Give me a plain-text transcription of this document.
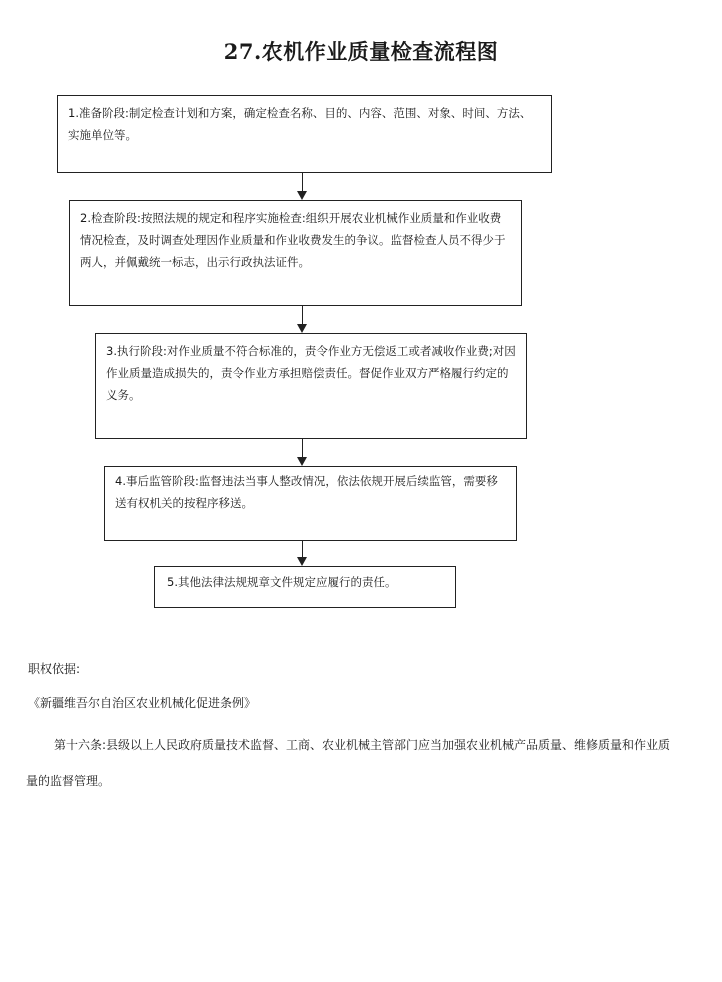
27.农机作业质量检查流程图
1.准备阶段:制定检查计划和方案，确定检查名称、目的、内容、范围、对象、时间、方法、实施单位等。
2.检查阶段:按照法规的规定和程序实施检查:组织开展农业机械作业质量和作业收费情况检查，及时调查处理因作业质量和作业收费发生的争议。监督检查人员不得少于两人，并佩戴统一标志，出示行政执法证件。
3.执行阶段:对作业质量不符合标准的，责令作业方无偿返工或者减收作业费;对因作业质量造成损失的，责令作业方承担赔偿责任。督促作业双方严格履行约定的义务。
4.事后监管阶段:监督违法当事人整改情况，依法依规开展后续监管，需要移送有权机关的按程序移送。
5.其他法律法规规章文件规定应履行的责任。
职权依据:
《新疆维吾尔自治区农业机械化促进条例》
第十六条:县级以上人民政府质量技术监督、工商、农业机械主管部门应当加强农业机械产品质量、维修质量和作业质量的监督管理。
